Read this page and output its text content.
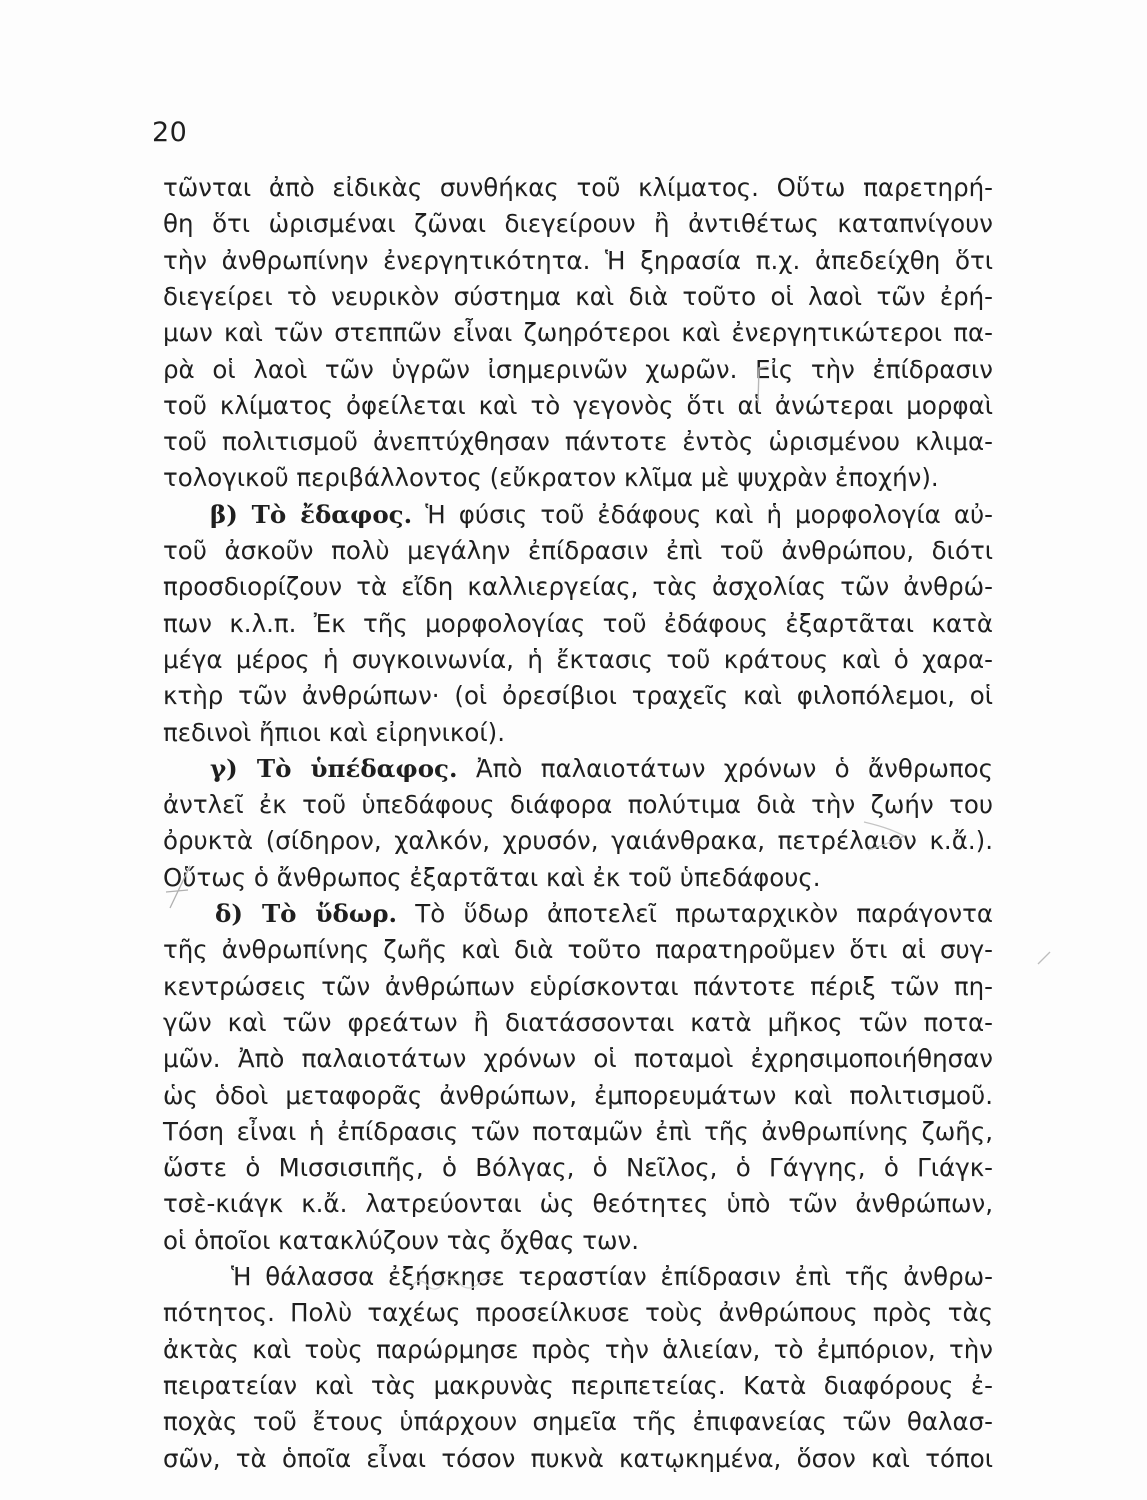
20
τῶνται ἀπὸ εἰδικὰς συνθήκας τοῦ κλίματος. Οὕτω παρετηρή-
θη ὅτι ὡρισμέναι ζῶναι διεγείρουν ἢ ἀντιθέτως καταπνίγουν
τὴν ἀνθρωπίνην ἐνεργητικότητα. Ἡ ξηρασία π.χ. ἀπεδείχθη ὅτι
διεγείρει τὸ νευρικὸν σύστημα καὶ διὰ τοῦτο οἱ λαοὶ τῶν ἐρή-
μων καὶ τῶν στεππῶν εἶναι ζωηρότεροι καὶ ἐνεργητικώτεροι πα-
ρὰ οἱ λαοὶ τῶν ὑγρῶν ἰσημερινῶν χωρῶν. Εἰς τὴν ἐπίδρασιν
τοῦ κλίματος ὀφείλεται καὶ τὸ γεγονὸς ὅτι αἱ ἀνώτεραι μορφαὶ
τοῦ πολιτισμοῦ ἀνεπτύχθησαν πάντοτε ἐντὸς ὡρισμένου κλιμα-
τολογικοῦ περιβάλλοντος (εὔκρατον κλῖμα μὲ ψυχρὰν ἐποχήν).
β) Τὸ ἔδαφος. Ἡ φύσις τοῦ ἐδάφους καὶ ἡ μορφολογία αὐ-
τοῦ ἀσκοῦν πολὺ μεγάλην ἐπίδρασιν ἐπὶ τοῦ ἀνθρώπου, διότι
προσδιορίζουν τὰ εἴδη καλλιεργείας, τὰς ἀσχολίας τῶν ἀνθρώ-
πων κ.λ.π. Ἐκ τῆς μορφολογίας τοῦ ἐδάφους ἐξαρτᾶται κατὰ
μέγα μέρος ἡ συγκοινωνία, ἡ ἔκτασις τοῦ κράτους καὶ ὁ χαρα-
κτὴρ τῶν ἀνθρώπων· (οἱ ὀρεσίβιοι τραχεῖς καὶ φιλοπόλεμοι, οἱ
πεδινοὶ ἤπιοι καὶ εἰρηνικοί).
γ) Τὸ ὑπέδαφος. Ἀπὸ παλαιοτάτων χρόνων ὁ ἄνθρωπος
ἀντλεῖ ἐκ τοῦ ὑπεδάφους διάφορα πολύτιμα διὰ τὴν ζωήν του
ὀρυκτὰ (σίδηρον, χαλκόν, χρυσόν, γαιάνθρακα, πετρέλαιον κ.ἄ.).
Οὕτως ὁ ἄνθρωπος ἐξαρτᾶται καὶ ἐκ τοῦ ὑπεδάφους.
δ) Τὸ ὕδωρ. Τὸ ὕδωρ ἀποτελεῖ πρωταρχικὸν παράγοντα
τῆς ἀνθρωπίνης ζωῆς καὶ διὰ τοῦτο παρατηροῦμεν ὅτι αἱ συγ-
κεντρώσεις τῶν ἀνθρώπων εὑρίσκονται πάντοτε πέριξ τῶν πη-
γῶν καὶ τῶν φρεάτων ἢ διατάσσονται κατὰ μῆκος τῶν ποτα-
μῶν. Ἀπὸ παλαιοτάτων χρόνων οἱ ποταμοὶ ἐχρησιμοποιήθησαν
ὡς ὁδοὶ μεταφορᾶς ἀνθρώπων, ἐμπορευμάτων καὶ πολιτισμοῦ.
Τόση εἶναι ἡ ἐπίδρασις τῶν ποταμῶν ἐπὶ τῆς ἀνθρωπίνης ζωῆς,
ὥστε ὁ Μισσισιπῆς, ὁ Βόλγας, ὁ Νεῖλος, ὁ Γάγγης, ὁ Γιάγκ-
τσὲ-κιάγκ κ.ἄ. λατρεύονται ὡς θεότητες ὑπὸ τῶν ἀνθρώπων,
οἱ ὁποῖοι κατακλύζουν τὰς ὄχθας των.
Ἡ θάλασσα ἐξήσκησε τεραστίαν ἐπίδρασιν ἐπὶ τῆς ἀνθρω-
πότητος. Πολὺ ταχέως προσείλκυσε τοὺς ἀνθρώπους πρὸς τὰς
ἀκτὰς καὶ τοὺς παρώρμησε πρὸς τὴν ἁλιείαν, τὸ ἐμπόριον, τὴν
πειρατείαν καὶ τὰς μακρυνὰς περιπετείας. Κατὰ διαφόρους ἐ-
ποχὰς τοῦ ἔτους ὑπάρχουν σημεῖα τῆς ἐπιφανείας τῶν θαλασ-
σῶν, τὰ ὁποῖα εἶναι τόσον πυκνὰ κατῳκημένα, ὅσον καὶ τόποι
